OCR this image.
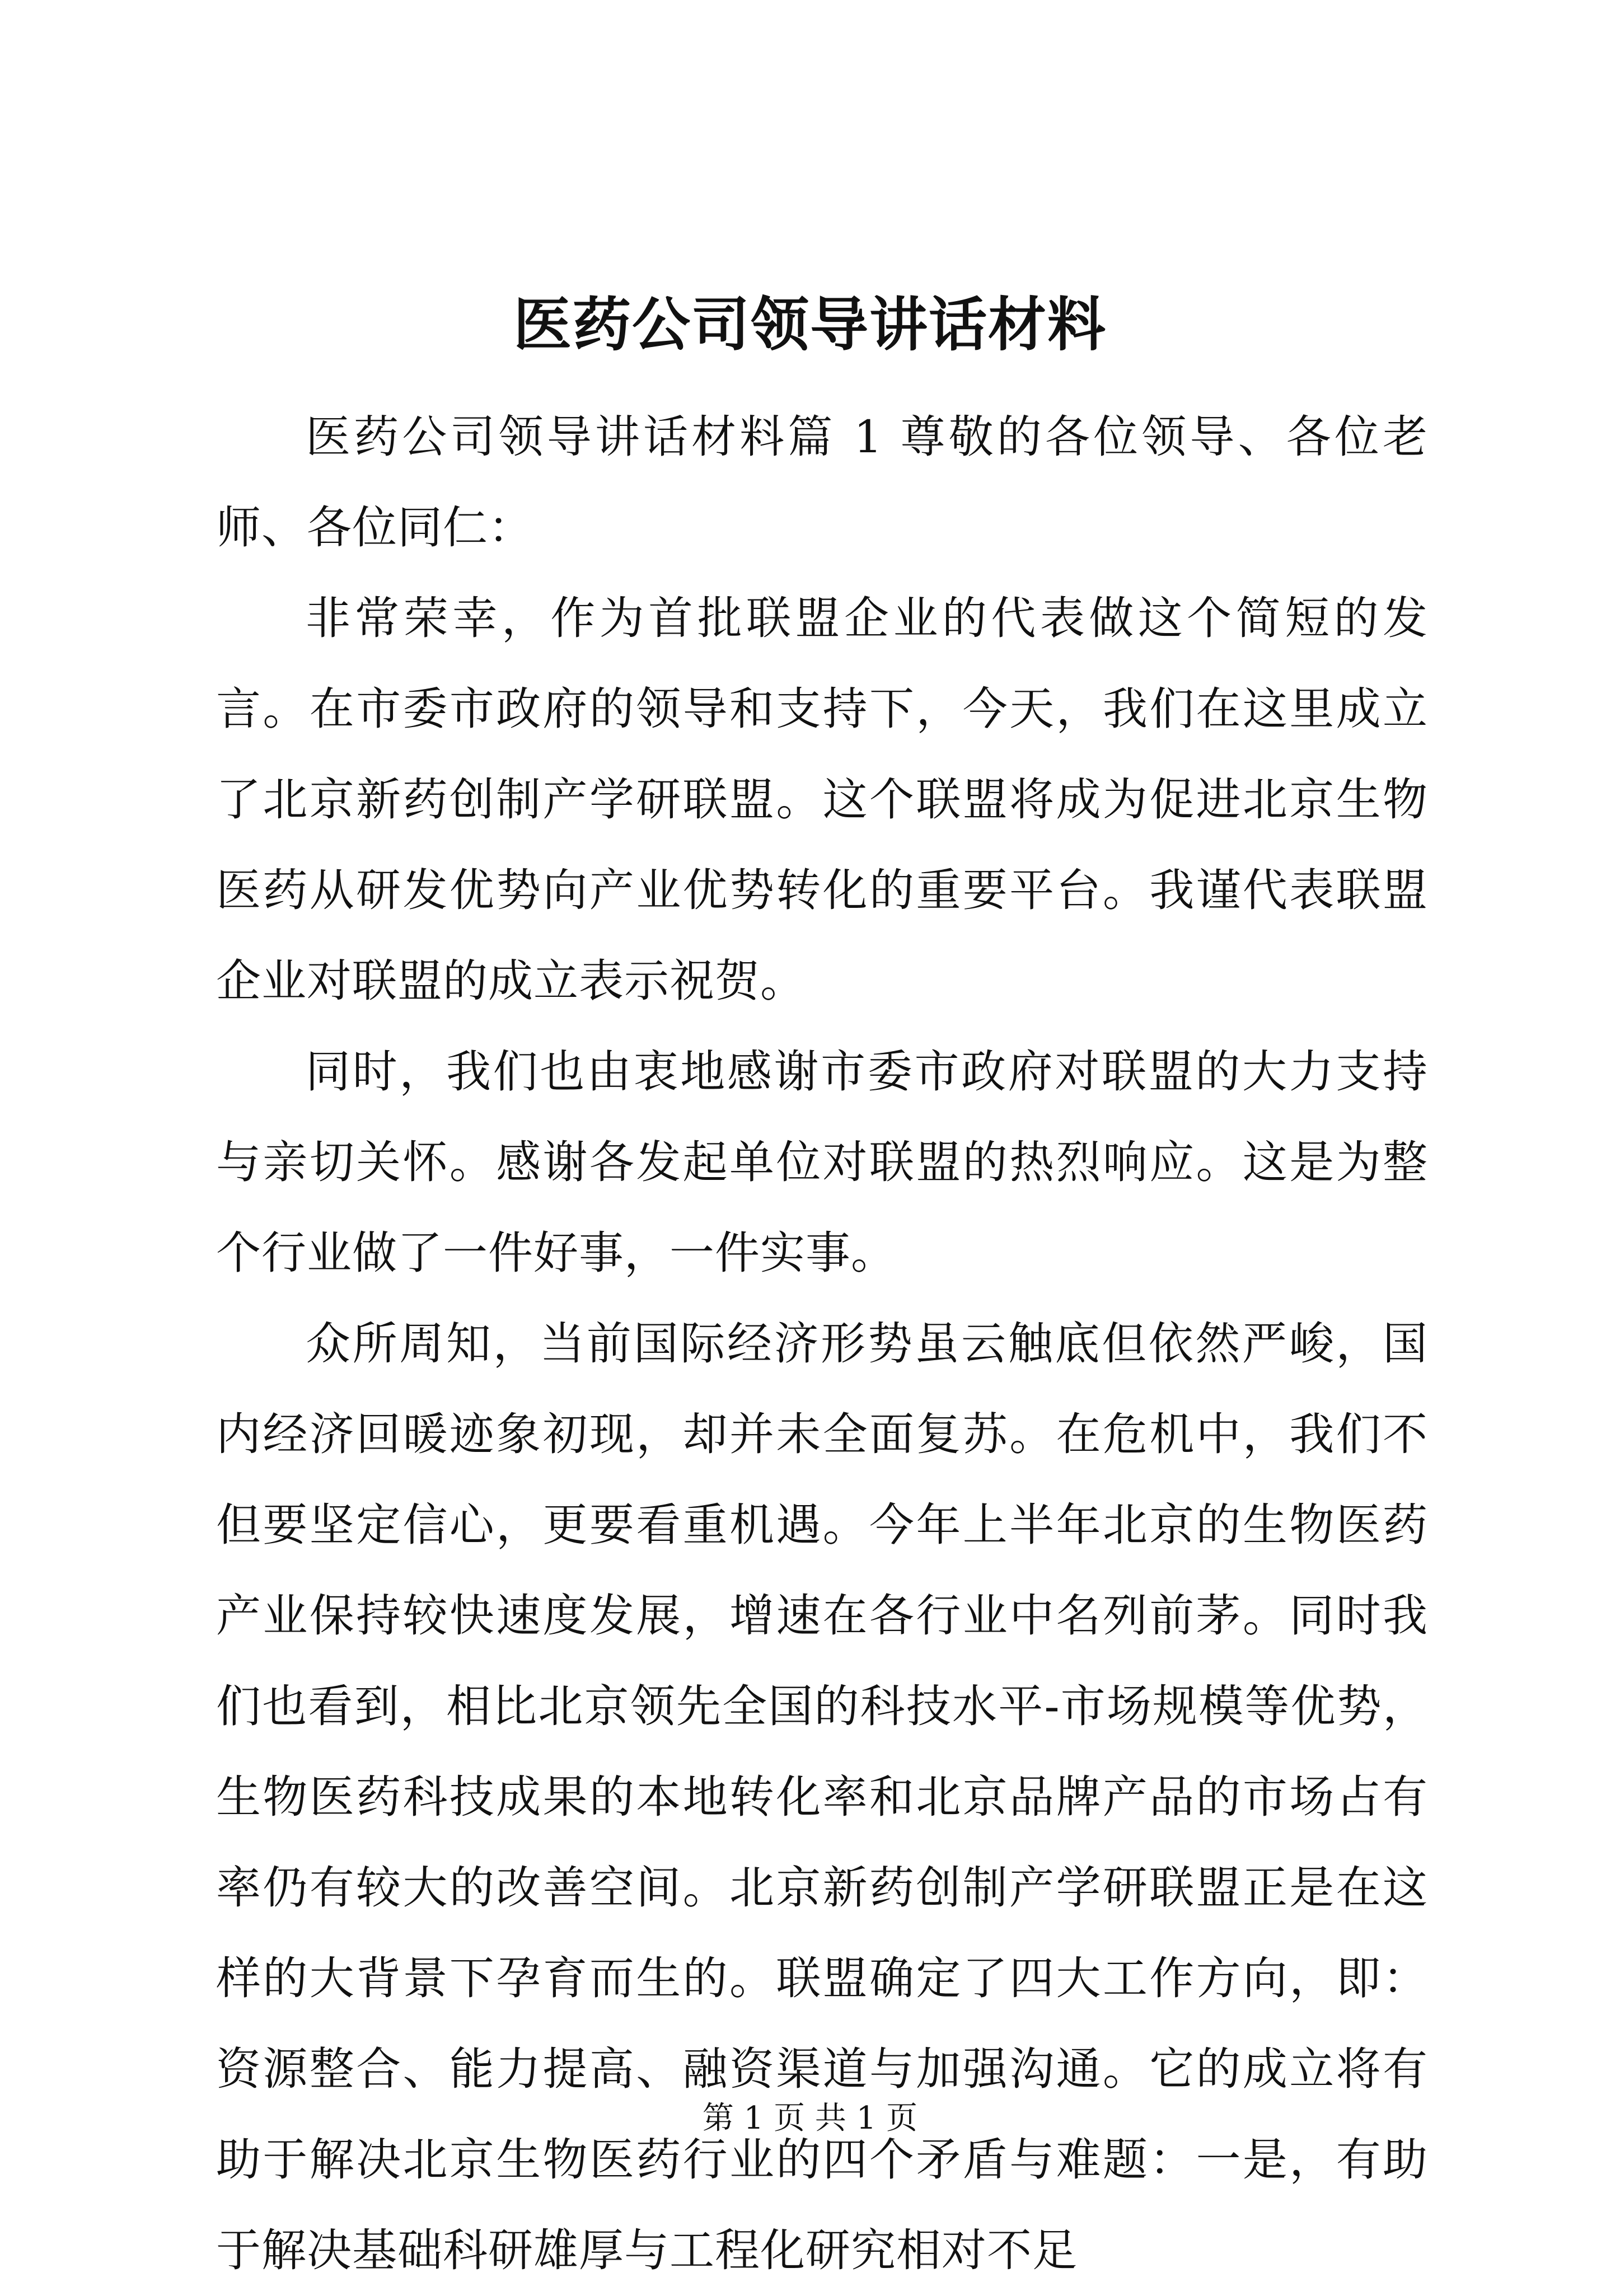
医药公司领导讲话材料

医药公司领导讲话材料篇 1 尊敬的各位领导、各位老师、各位同仁：

非常荣幸，作为首批联盟企业的代表做这个简短的发言。在市委市政府的领导和支持下，今天，我们在这里成立了北京新药创制产学研联盟。这个联盟将成为促进北京生物医药从研发优势向产业优势转化的重要平台。我谨代表联盟企业对联盟的成立表示祝贺。

同时，我们也由衷地感谢市委市政府对联盟的大力支持与亲切关怀。感谢各发起单位对联盟的热烈响应。这是为整个行业做了一件好事，一件实事。

众所周知，当前国际经济形势虽云触底但依然严峻，国内经济回暖迹象初现，却并未全面复苏。在危机中，我们不但要坚定信心，更要看重机遇。今年上半年北京的生物医药产业保持较快速度发展，增速在各行业中名列前茅。同时我们也看到，相比北京领先全国的科技水平-市场规模等优势，生物医药科技成果的本地转化率和北京品牌产品的市场占有率仍有较大的改善空间。北京新药创制产学研联盟正是在这样的大背景下孕育而生的。联盟确定了四大工作方向，即：资源整合、能力提高、融资渠道与加强沟通。它的成立将有助于解决北京生物医药行业的四个矛盾与难题：一是，有助于解决基础科研雄厚与工程化研究相对不足

第 1 页 共 1 页
